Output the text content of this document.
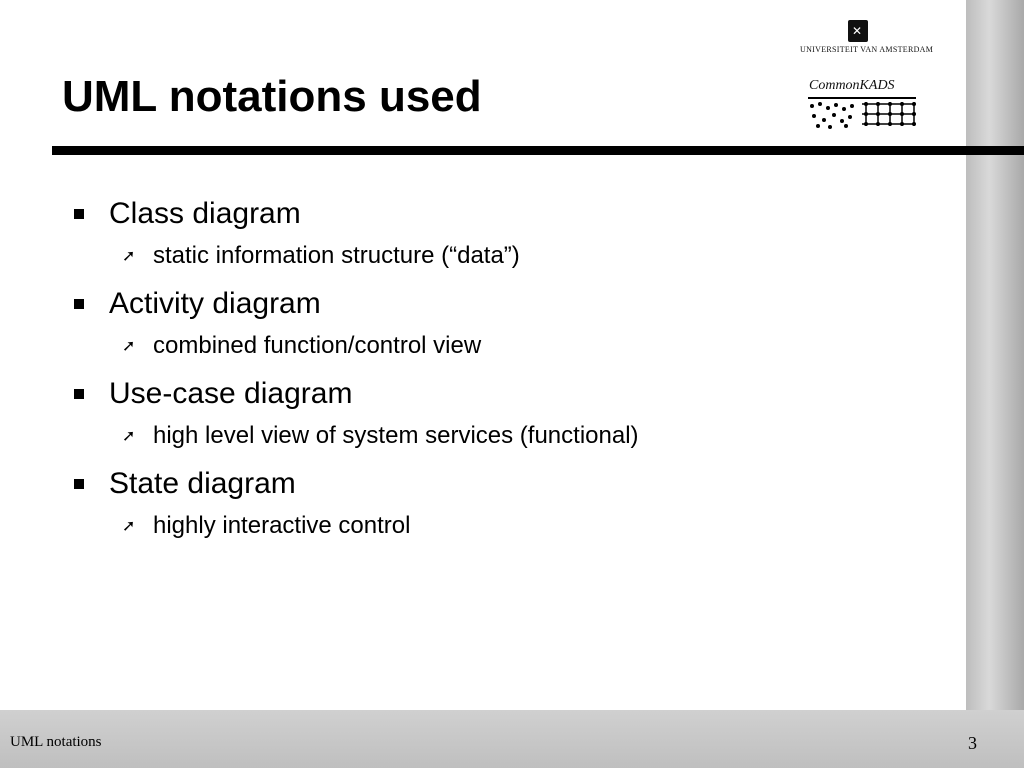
✕
UNIVERSITEIT VAN AMSTERDAM
CommonKADS
UML notations used
Class diagram
➚ static information structure (“data”)
Activity diagram
➚ combined function/control view
Use-case diagram
➚ high level view of system services (functional)
State diagram
➚ highly interactive control
UML notations	3
